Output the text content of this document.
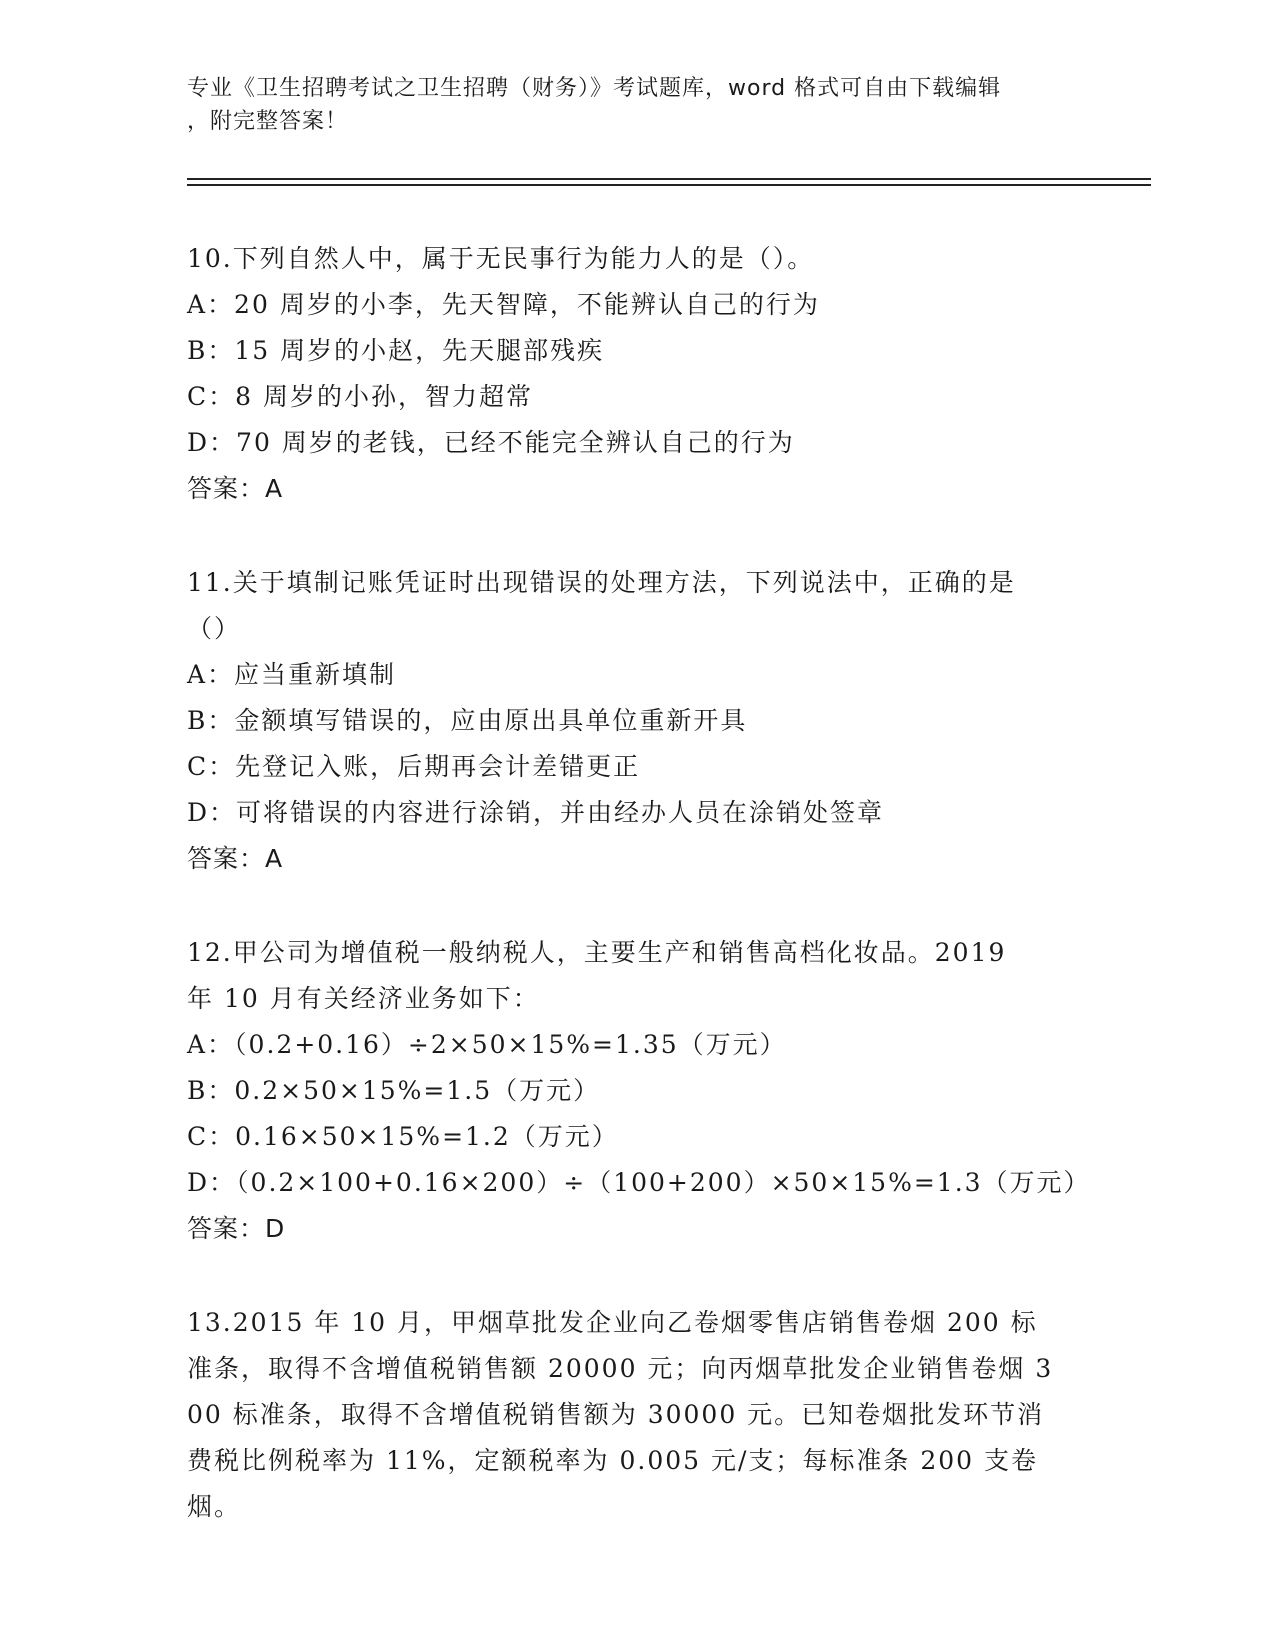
专业《卫生招聘考试之卫生招聘（财务）》考试题库，word 格式可自由下载编辑
，附完整答案！
10.下列自然人中，属于无民事行为能力人的是（）。
A：20 周岁的小李，先天智障，不能辨认自己的行为
B：15 周岁的小赵，先天腿部残疾
C：8 周岁的小孙，智力超常
D：70 周岁的老钱，已经不能完全辨认自己的行为
答案：A
11.关于填制记账凭证时出现错误的处理方法，下列说法中，正确的是（）
A：应当重新填制
B：金额填写错误的，应由原出具单位重新开具
C：先登记入账，后期再会计差错更正
D：可将错误的内容进行涂销，并由经办人员在涂销处签章
答案：A
12.甲公司为增值税一般纳税人，主要生产和销售高档化妆品。2019 年 10 月有关经济业务如下：
A：（0.2+0.16）÷2×50×15%=1.35（万元）
B：0.2×50×15%=1.5（万元）
C：0.16×50×15%=1.2（万元）
D：（0.2×100+0.16×200）÷（100+200）×50×15%=1.3（万元）
答案：D
13.2015 年 10 月，甲烟草批发企业向乙卷烟零售店销售卷烟 200 标准条，取得不含增值税销售额 20000 元；向丙烟草批发企业销售卷烟 300 标准条，取得不含增值税销售额为 30000 元。已知卷烟批发环节消费税比例税率为 11%，定额税率为 0.005 元/支；每标准条 200 支卷烟。
